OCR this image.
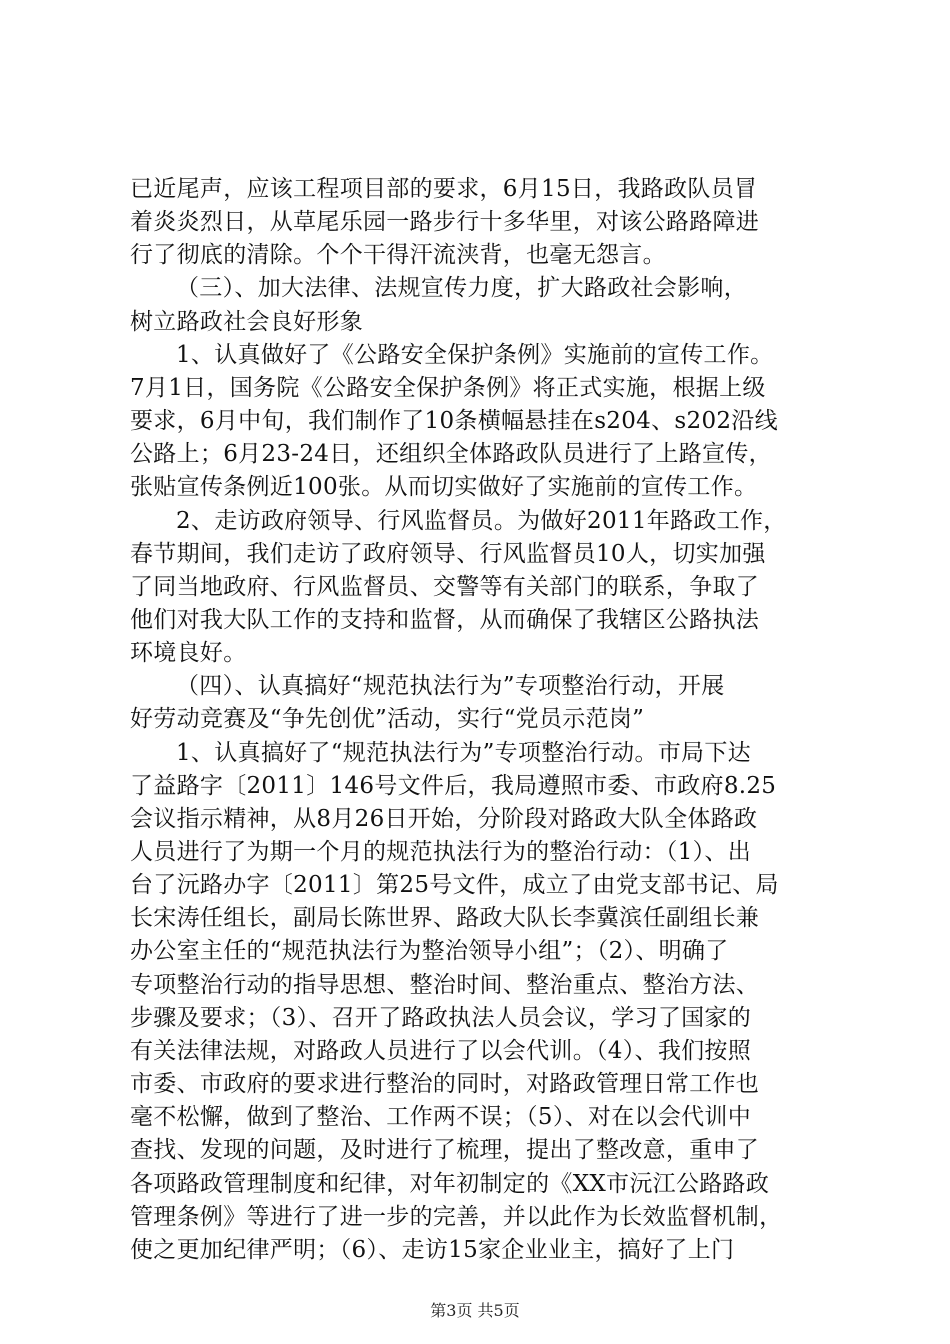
已近尾声，应该工程项目部的要求，6月15日，我路政队员冒
着炎炎烈日，从草尾乐园一路步行十多华里，对该公路路障进
行了彻底的清除。个个干得汗流浃背，也毫无怨言。
（三）、加大法律、法规宣传力度，扩大路政社会影响，
树立路政社会良好形象
1、认真做好了《公路安全保护条例》实施前的宣传工作。
7月1日，国务院《公路安全保护条例》将正式实施，根据上级
要求，6月中旬，我们制作了10条横幅悬挂在s204、s202沿线
公路上；6月23-24日，还组织全体路政队员进行了上路宣传，
张贴宣传条例近100张。从而切实做好了实施前的宣传工作。
2、走访政府领导、行风监督员。为做好2011年路政工作，
春节期间，我们走访了政府领导、行风监督员10人，切实加强
了同当地政府、行风监督员、交警等有关部门的联系，争取了
他们对我大队工作的支持和监督，从而确保了我辖区公路执法
环境良好。
（四）、认真搞好“规范执法行为”专项整治行动，开展
好劳动竞赛及“争先创优”活动，实行“党员示范岗”
1、认真搞好了“规范执法行为”专项整治行动。市局下达
了益路字〔2011〕146号文件后，我局遵照市委、市政府8.25
会议指示精神，从8月26日开始，分阶段对路政大队全体路政
人员进行了为期一个月的规范执法行为的整治行动：（1）、出
台了沅路办字〔2011〕第25号文件，成立了由党支部书记、局
长宋涛任组长，副局长陈世界、路政大队长李冀滨任副组长兼
办公室主任的“规范执法行为整治领导小组”；（2）、明确了
专项整治行动的指导思想、整治时间、整治重点、整治方法、
步骤及要求；（3）、召开了路政执法人员会议，学习了国家的
有关法律法规，对路政人员进行了以会代训。（4）、我们按照
市委、市政府的要求进行整治的同时，对路政管理日常工作也
毫不松懈，做到了整治、工作两不误；（5）、对在以会代训中
查找、发现的问题，及时进行了梳理，提出了整改意，重申了
各项路政管理制度和纪律，对年初制定的《XX市沅江公路路政
管理条例》等进行了进一步的完善，并以此作为长效监督机制，
使之更加纪律严明；（6）、走访15家企业业主，搞好了上门
第3页 共5页
